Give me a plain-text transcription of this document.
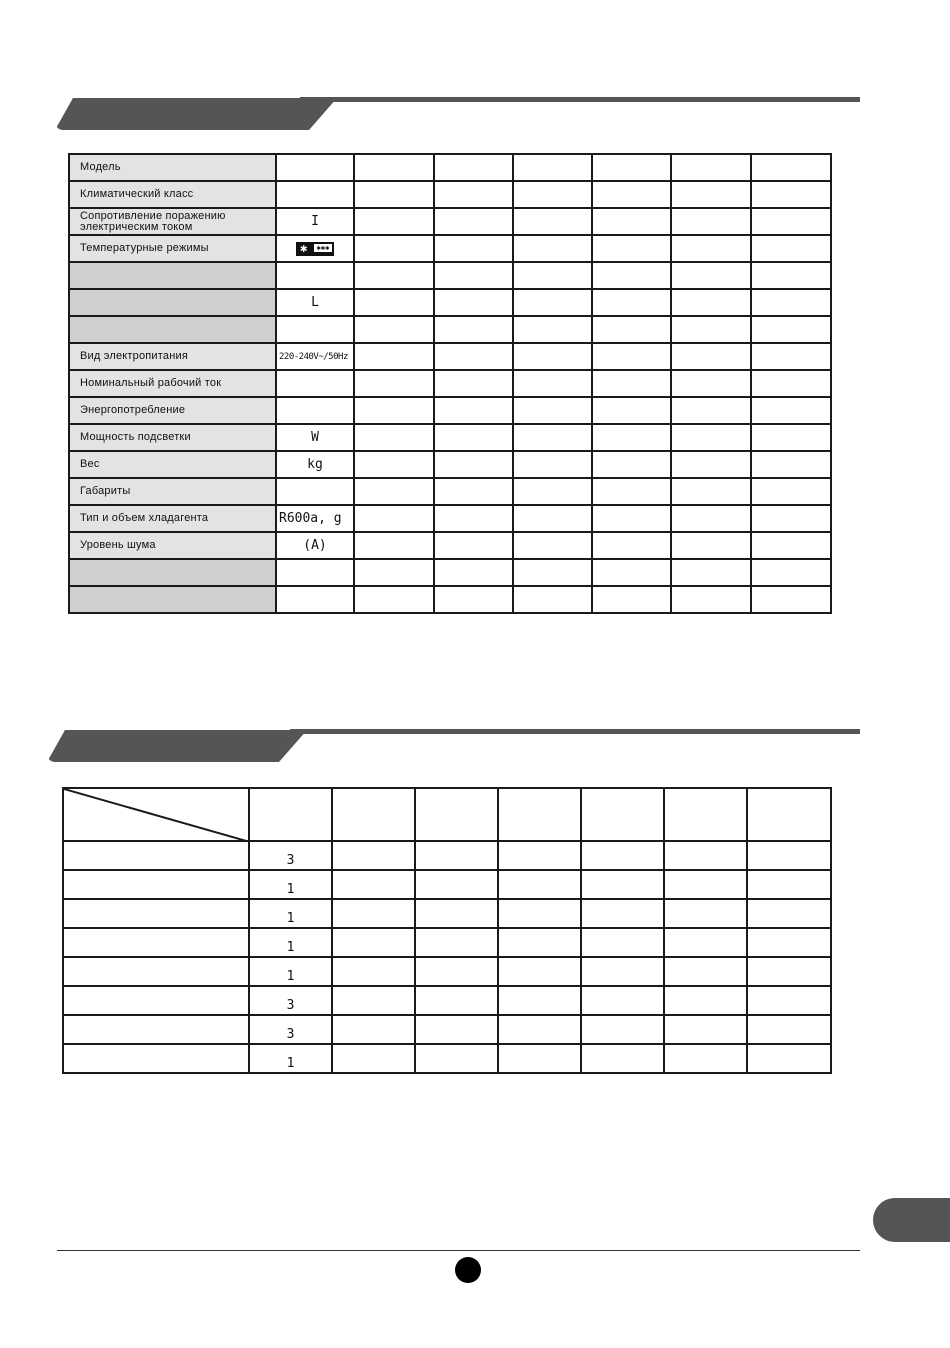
Модель							
Климатический класс							
Сопротивление поражению электрическим током	I						
Температурные режимы	✱ ✱✱✱						

	L						

Вид электропитания	220-240V~/50Hz						
Номинальный рабочий ток							
Энергопотребление							
Мощность подсветки	W						
Вес	kg						
Габариты							
Тип и объем хладагента	R600a, g						
Уровень шума	(A)						

	3						
	1						
	1						
	1						
	1						
	3						
	3						
	1						
